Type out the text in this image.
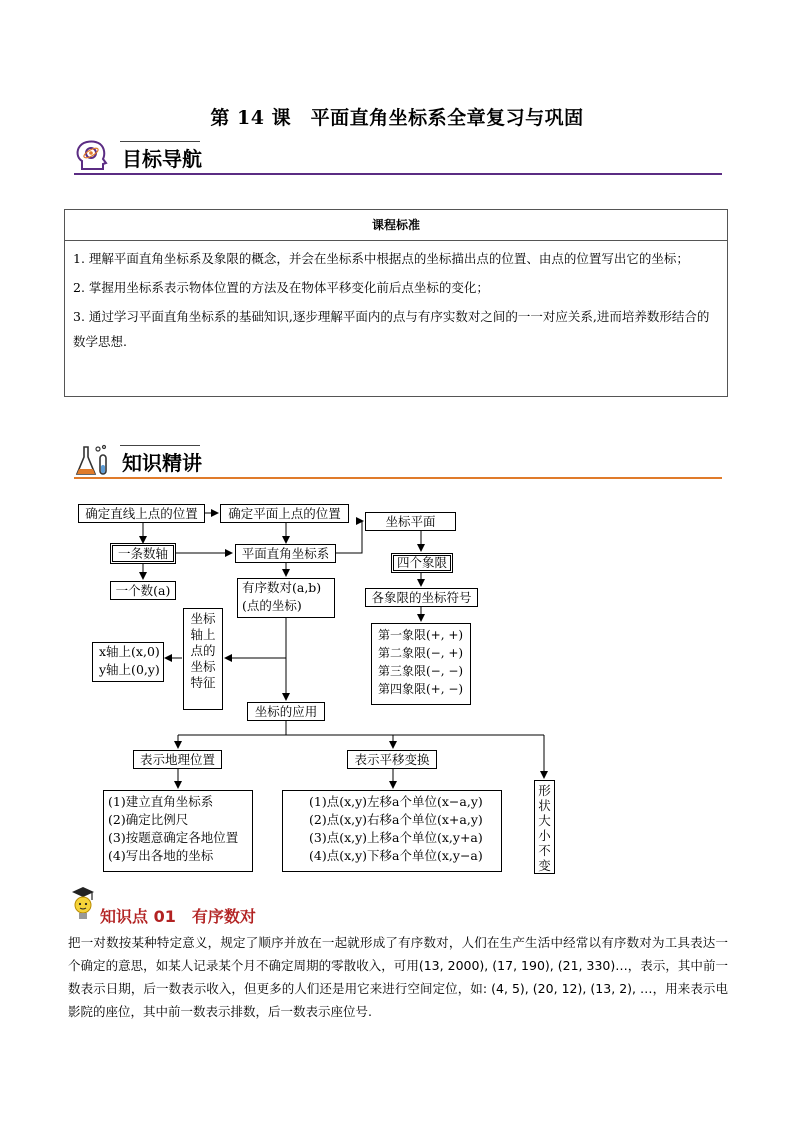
第 14 课　平面直角坐标系全章复习与巩固
目标导航
课程标准

1. 理解平面直角坐标系及象限的概念，并会在坐标系中根据点的坐标描出点的位置、由点的位置写出它的坐标；

2. 掌握用坐标系表示物体位置的方法及在物体平移变化前后点坐标的变化；

3. 通过学习平面直角坐标系的基础知识,逐步理解平面内的点与有序实数对之间的一一对应关系,进而培养数形结合的数学思想.

知识精讲
确定直线上点的位置	确定平面上点的位置
一条数轴	平面直角坐标系
一个数(a)	有序数对(a,b)
(点的坐标)
坐标平面
四个象限
各象限的坐标符号
第一象限(+, +)
第二象限(−, +)
第三象限(−, −)
第四象限(+, −)
坐标轴上点的坐标特征
x轴上(x,0)
y轴上(0,y)
坐标的应用
表示地理位置	表示平移变换
(1)建立直角坐标系
(2)确定比例尺
(3)按题意确定各地位置
(4)写出各地的坐标
(1)点(x,y)左移a个单位(x−a,y)
(2)点(x,y)右移a个单位(x+a,y)
(3)点(x,y)上移a个单位(x,y+a)
(4)点(x,y)下移a个单位(x,y−a)
形状大小不变
知识点 01　有序数对
把一对数按某种特定意义，规定了顺序并放在一起就形成了有序数对，人们在生产生活中经常以有序数对为工具表达一个确定的意思，如某人记录某个月不确定周期的零散收入，可用(13, 2000), (17, 190), (21, 330)…，表示，其中前一数表示日期，后一数表示收入，但更多的人们还是用它来进行空间定位，如: (4, 5), (20, 12), (13, 2), …，用来表示电影院的座位，其中前一数表示排数，后一数表示座位号.
